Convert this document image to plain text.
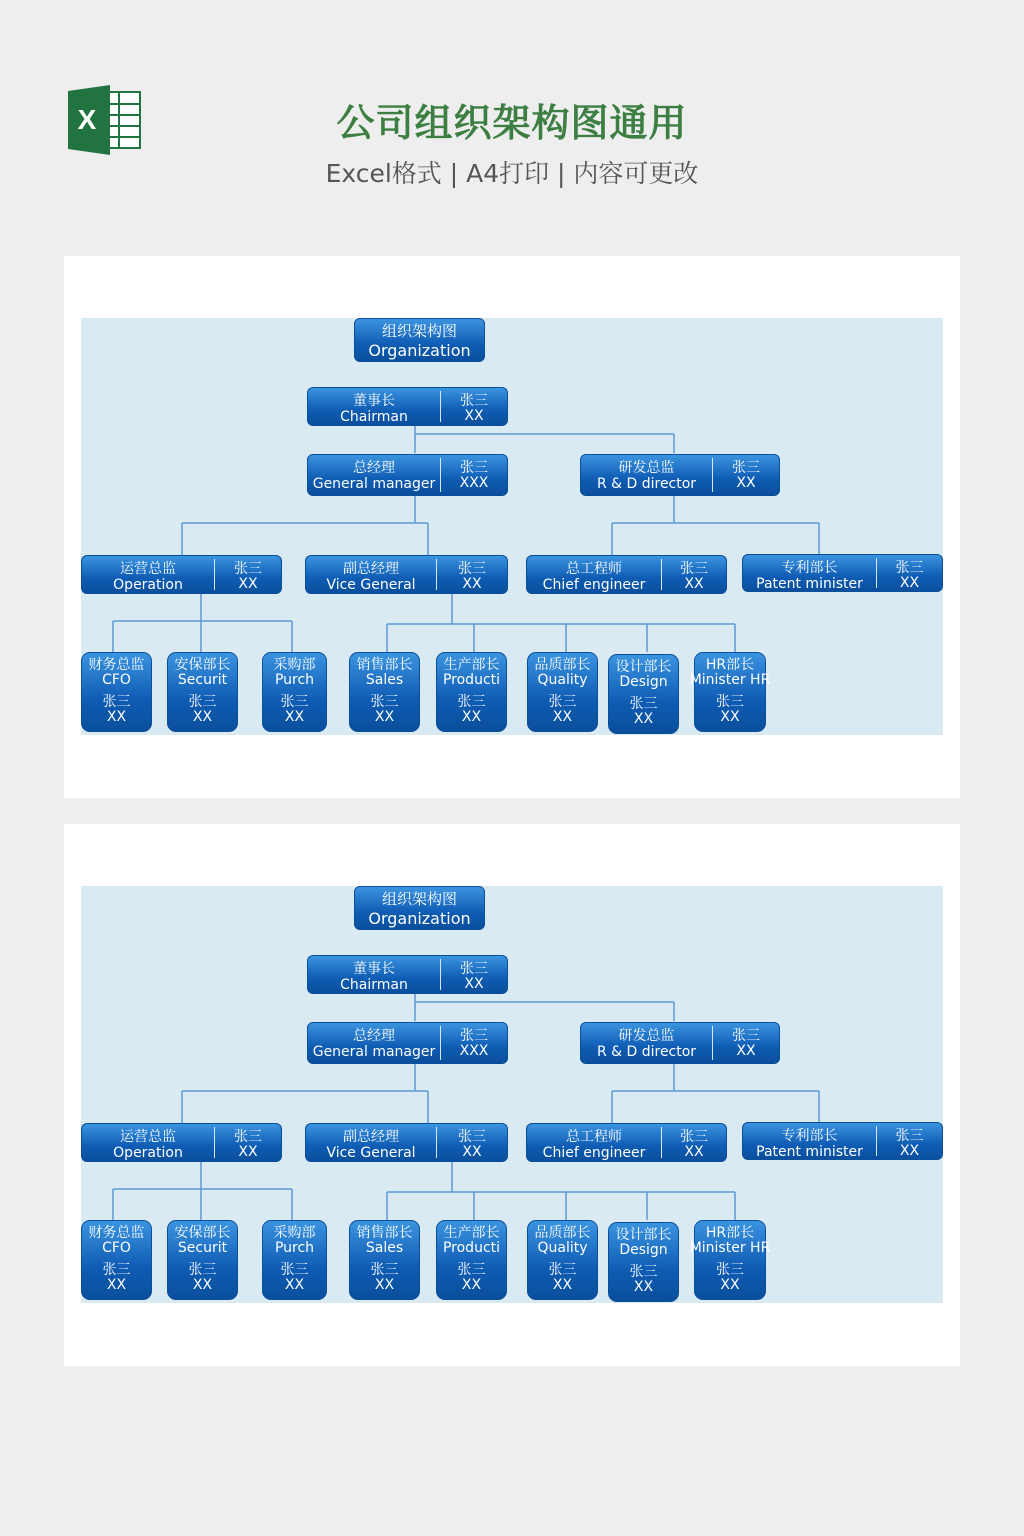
X	公司组织架构图通用
Excel格式 | A4打印 | 内容可更改
组织架构图
Organization
董事长
Chairman
张三
XX
总经理
General manager
张三
XXX
研发总监
R & D director
张三
XX
运营总监
Operation
张三
XX
副总经理
Vice General
张三
XX
总工程师
Chief engineer
张三
XX
专利部长
Patent minister
张三
XX
财务总监
CFO
张三
XX
安保部长
Securit
张三
XX
采购部
Purch
张三
XX
销售部长
Sales
张三
XX
生产部长
Producti
张三
XX
品质部长
Quality
张三
XX
设计部长
Design
张三
XX
HR部长
Minister HR
张三
XX
组织架构图
Organization
董事长
Chairman
张三
XX
总经理
General manager
张三
XXX
研发总监
R & D director
张三
XX
运营总监
Operation
张三
XX
副总经理
Vice General
张三
XX
总工程师
Chief engineer
张三
XX
专利部长
Patent minister
张三
XX
财务总监
CFO
张三
XX
安保部长
Securit
张三
XX
采购部
Purch
张三
XX
销售部长
Sales
张三
XX
生产部长
Producti
张三
XX
品质部长
Quality
张三
XX
设计部长
Design
张三
XX
HR部长
Minister HR
张三
XX
